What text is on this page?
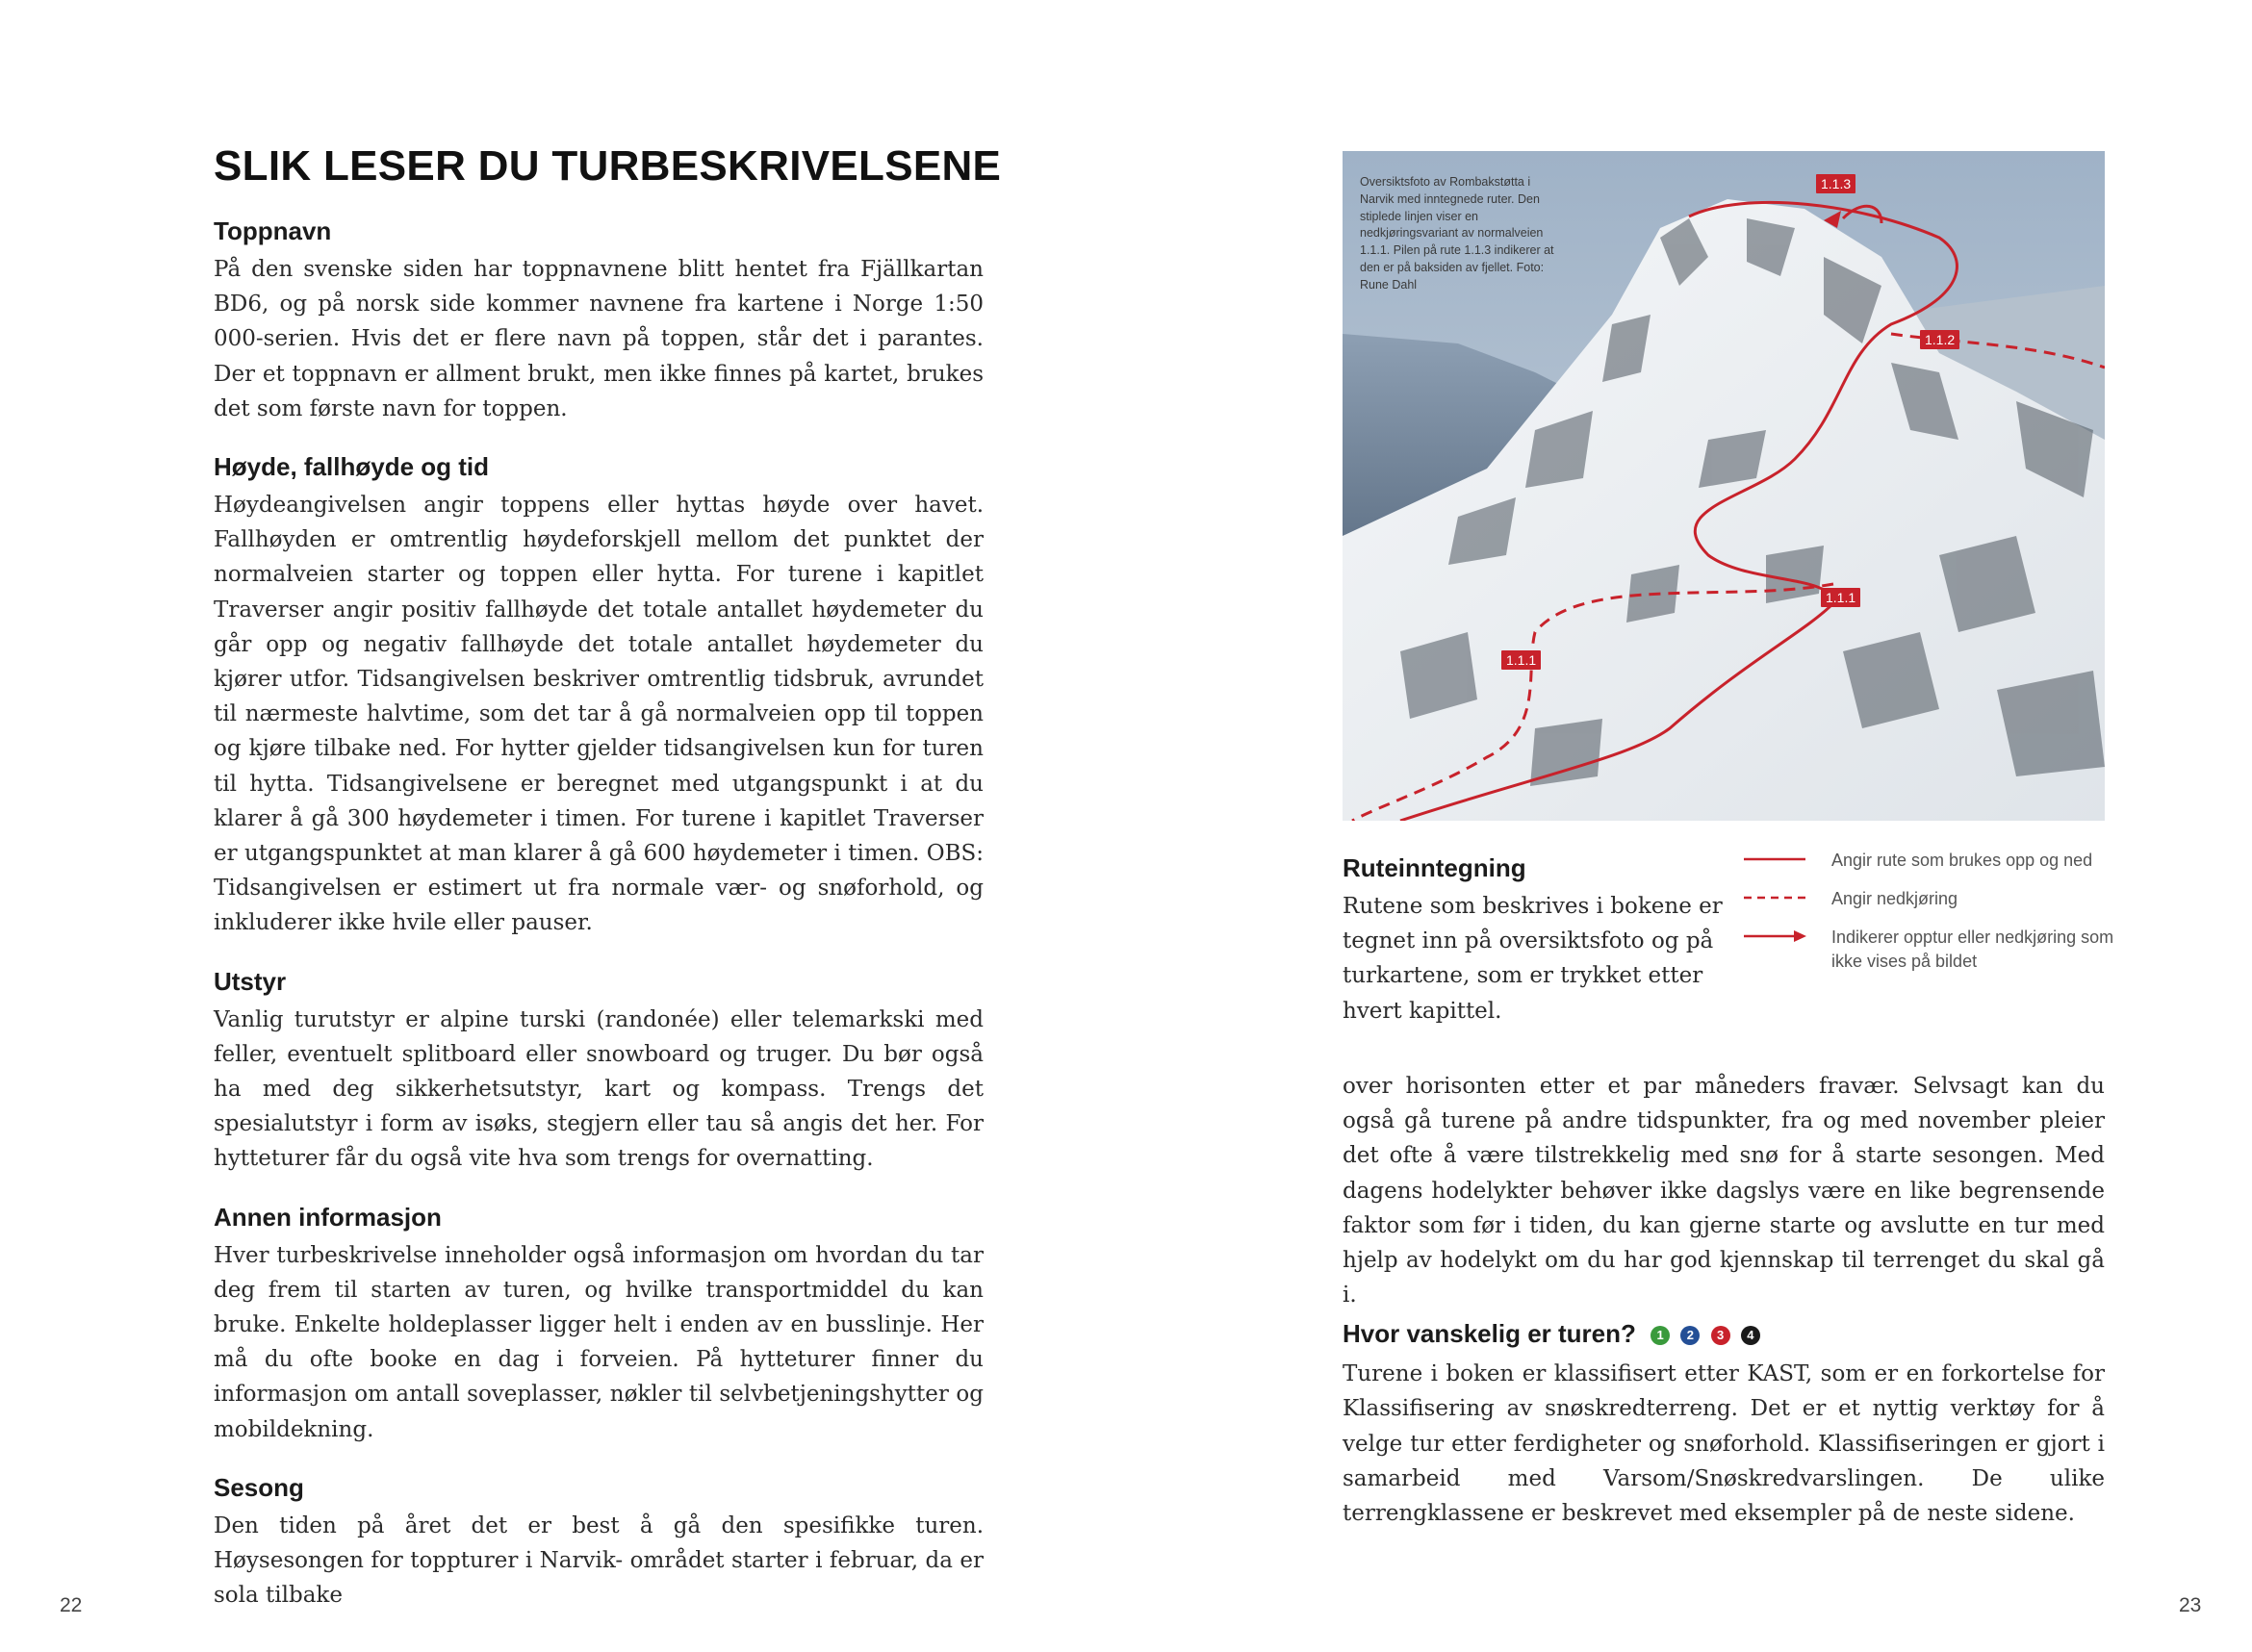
SLIK LESER DU TURBESKRIVELSENE
Toppnavn

På den svenske siden har toppnavnene blitt hentet fra Fjällkartan BD6, og på norsk side kommer navnene fra kartene i Norge 1:50 000-serien. Hvis det er flere navn på toppen, står det i parantes. Der et toppnavn er allment brukt, men ikke finnes på kartet, brukes det som første navn for toppen.

Høyde, fallhøyde og tid

Høydeangivelsen angir toppens eller hyttas høyde over havet. Fallhøyden er omtrentlig høydeforskjell mellom det punktet der normalveien starter og toppen eller hytta. For turene i kapitlet Traverser angir positiv fallhøyde det totale antallet høydemeter du går opp og negativ fallhøyde det totale antallet høydemeter du kjører utfor. Tidsangivelsen beskriver omtrentlig tidsbruk, avrundet til nærmeste halvtime, som det tar å gå normalveien opp til toppen og kjøre tilbake ned. For hytter gjelder tidsangivelsen kun for turen til hytta. Tidsangivelsene er beregnet med utgangspunkt i at du klarer å gå 300 høydemeter i timen. For turene i kapitlet Traverser er utgangspunktet at man klarer å gå 600 høydemeter i timen. OBS: Tidsangivelsen er estimert ut fra normale vær- og snøforhold, og inkluderer ikke hvile eller pauser.

Utstyr

Vanlig turutstyr er alpine turski (randonée) eller telemarkski med feller, eventuelt splitboard eller snowboard og truger. Du bør også ha med deg sikkerhetsutstyr, kart og kompass. Trengs det spesialutstyr i form av isøks, stegjern eller tau så angis det her. For hytteturer får du også vite hva som trengs for overnatting.

Annen informasjon

Hver turbeskrivelse inneholder også informasjon om hvordan du tar deg frem til starten av turen, og hvilke transportmiddel du kan bruke. Enkelte holdeplasser ligger helt i enden av en busslinje. Her må du ofte booke en dag i forveien. På hytteturer finner du informasjon om antall soveplasser, nøkler til selvbetjeningshytter og mobildekning.

Sesong

Den tiden på året det er best å gå den spesifikke turen. Høysesongen for toppturer i Narvik- området starter i februar, da er sola tilbake

Oversiktsfoto av Rombakstøtta i Narvik med inntegnede ruter. Den stiplede linjen viser en nedkjøringsvariant av normalveien 1.1.1. Pilen på rute 1.1.3 indikerer at den er på baksiden av fjellet. Foto: Rune Dahl
1.1.3
1.1.2
1.1.1
1.1.1
Ruteinntegning

Rutene som beskrives i bokene er tegnet inn på oversiktsfoto og på turkartene, som er trykket etter hvert kapittel.

Angir rute som brukes opp og ned
Angir nedkjøring
Indikerer opptur eller nedkjøring som ikke vises på bildet

over horisonten etter et par måneders fravær. Selvsagt kan du også gå turene på andre tidspunkter, fra og med november pleier det ofte å være tilstrekkelig med snø for å starte sesongen. Med dagens hodelykter behøver ikke dagslys være en like begrensende faktor som før i tiden, du kan gjerne starte og avslutte en tur med hjelp av hodelykt om du har god kjennskap til terrenget du skal gå i.

Hvor vanskelig er turen? 1 2 3 4

Turene i boken er klassifisert etter KAST, som er en forkortelse for Klassifisering av snøskredterreng. Det er et nyttig verktøy for å velge tur etter ferdigheter og snøforhold. Klassifiseringen er gjort i samarbeid med Varsom/Snøskredvarslingen. De ulike terrengklassene er beskrevet med eksempler på de neste sidene.

22	23
